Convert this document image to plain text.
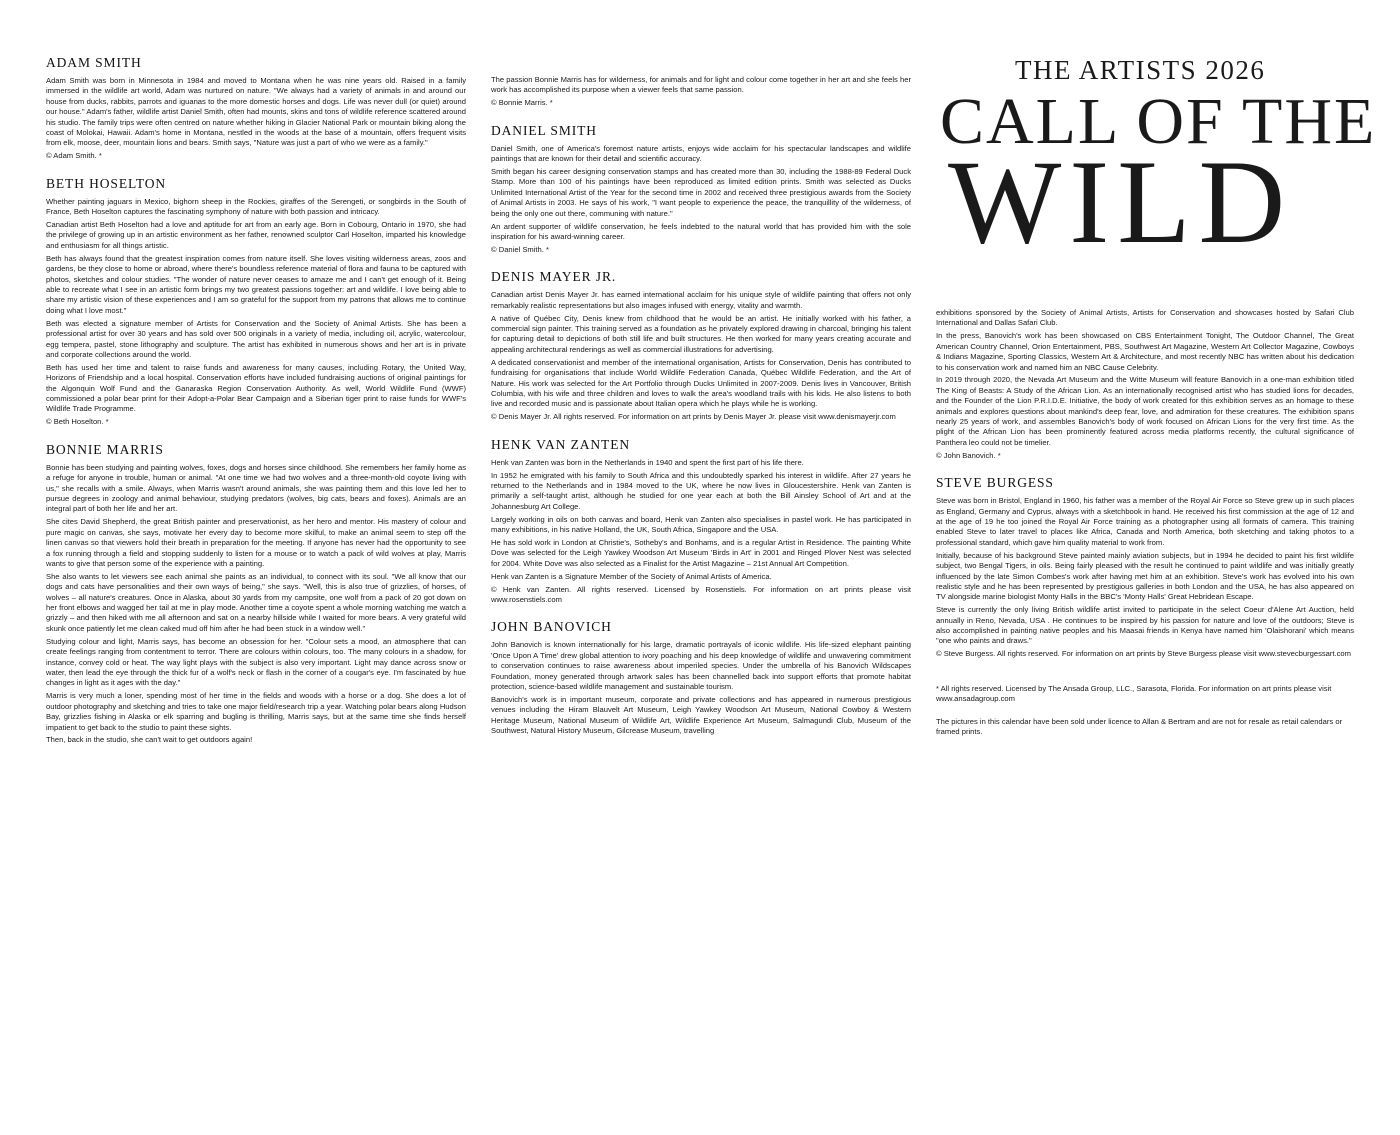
ADAM SMITH

Adam Smith was born in Minnesota in 1984 and moved to Montana when he was nine years old. Raised in a family immersed in the wildlife art world, Adam was nurtured on nature. "We always had a variety of animals in and around our house from ducks, rabbits, parrots and iguanas to the more domestic horses and dogs. Life was never dull (or quiet) around our house." Adam's father, wildlife artist Daniel Smith, often had mounts, skins and tons of wildlife reference scattered around his studio. The family trips were often centred on nature whether hiking in Glacier National Park or mountain biking along the coast of Molokai, Hawaii. Adam's home in Montana, nestled in the woods at the base of a mountain, offers frequent visits from elk, moose, deer, mountain lions and bears. Smith says, "Nature was just a part of who we were as a family."

© Adam Smith. *

BETH HOSELTON

Whether painting jaguars in Mexico, bighorn sheep in the Rockies, giraffes of the Serengeti, or songbirds in the South of France, Beth Hoselton captures the fascinating symphony of nature with both passion and intricacy.

Canadian artist Beth Hoselton had a love and aptitude for art from an early age. Born in Cobourg, Ontario in 1970, she had the privilege of growing up in an artistic environment as her father, renowned sculptor Carl Hoselton, imparted his knowledge and enthusiasm for all things artistic.

Beth has always found that the greatest inspiration comes from nature itself. She loves visiting wilderness areas, zoos and gardens, be they close to home or abroad, where there's boundless reference material of flora and fauna to be captured with photos, sketches and colour studies. "The wonder of nature never ceases to amaze me and I can't get enough of it. Being able to recreate what I see in an artistic form brings my two greatest passions together: art and wildlife. I love being able to share my artistic vision of these experiences and I am so grateful for the support from my patrons that allows me to continue doing what I love most."

Beth was elected a signature member of Artists for Conservation and the Society of Animal Artists. She has been a professional artist for over 30 years and has sold over 500 originals in a variety of media, including oil, acrylic, watercolour, egg tempera, pastel, stone lithography and sculpture. The artist has exhibited in numerous shows and her art is in private and corporate collections around the world.

Beth has used her time and talent to raise funds and awareness for many causes, including Rotary, the United Way, Horizons of Friendship and a local hospital. Conservation efforts have included fundraising auctions of original paintings for the Algonquin Wolf Fund and the Ganaraska Region Conservation Authority. As well, World Wildlife Fund (WWF) commissioned a polar bear print for their Adopt-a-Polar Bear Campaign and a Siberian tiger print to raise funds for WWF's Wildlife Trade Programme.

© Beth Hoselton. *

BONNIE MARRIS

Bonnie has been studying and painting wolves, foxes, dogs and horses since childhood. She remembers her family home as a refuge for anyone in trouble, human or animal. "At one time we had two wolves and a three-month-old coyote living with us," she recalls with a smile. Always, when Marris wasn't around animals, she was painting them and this love led her to pursue degrees in zoology and animal behaviour, studying predators (wolves, big cats, bears and foxes). Animals are an integral part of both her life and her art.

She cites David Shepherd, the great British painter and preservationist, as her hero and mentor. His mastery of colour and pure magic on canvas, she says, motivate her every day to become more skilful, to make an animal seem to step off the linen canvas so that viewers hold their breath in preparation for the meeting. If anyone has never had the opportunity to see a fox running through a field and stopping suddenly to listen for a mouse or to watch a pack of wild wolves at play, Marris wants to give that person some of the experience with a painting.

She also wants to let viewers see each animal she paints as an individual, to connect with its soul. "We all know that our dogs and cats have personalities and their own ways of being," she says. "Well, this is also true of grizzlies, of horses, of wolves – all nature's creatures. Once in Alaska, about 30 yards from my campsite, one wolf from a pack of 20 got down on her front elbows and wagged her tail at me in play mode. Another time a coyote spent a whole morning watching me watch a grizzly – and then hiked with me all afternoon and sat on a nearby hillside while I waited for more bears. A very grateful wild skunk once patiently let me clean caked mud off him after he had been stuck in a window well."

Studying colour and light, Marris says, has become an obsession for her. "Colour sets a mood, an atmosphere that can create feelings ranging from contentment to terror. There are colours within colours, too. The many colours in a shadow, for instance, convey cold or heat. The way light plays with the subject is also very important. Light may dance across snow or water, then lead the eye through the thick fur of a wolf's neck or flash in the corner of a cougar's eye. I'm fascinated by hue changes in light as it ages with the day."

Marris is very much a loner, spending most of her time in the fields and woods with a horse or a dog. She does a lot of outdoor photography and sketching and tries to take one major field/research trip a year. Watching polar bears along Hudson Bay, grizzlies fishing in Alaska or elk sparring and bugling is thrilling, Marris says, but at the same time she finds herself impatient to get back to the studio to paint these sights.

Then, back in the studio, she can't wait to get outdoors again!

The passion Bonnie Marris has for wilderness, for animals and for light and colour come together in her art and she feels her work has accomplished its purpose when a viewer feels that same passion.

© Bonnie Marris. *

DANIEL SMITH

Daniel Smith, one of America's foremost nature artists, enjoys wide acclaim for his spectacular landscapes and wildlife paintings that are known for their detail and scientific accuracy.

Smith began his career designing conservation stamps and has created more than 30, including the 1988-89 Federal Duck Stamp. More than 100 of his paintings have been reproduced as limited edition prints. Smith was selected as Ducks Unlimited International Artist of the Year for the second time in 2002 and received three prestigious awards from the Society of Animal Artists in 2003. He says of his work, "I want people to experience the peace, the tranquillity of the wilderness, of being the only one out there, communing with nature."

An ardent supporter of wildlife conservation, he feels indebted to the natural world that has provided him with the sole inspiration for his award-winning career.

© Daniel Smith. *

DENIS MAYER JR.

Canadian artist Denis Mayer Jr. has earned international acclaim for his unique style of wildlife painting that offers not only remarkably realistic representations but also images infused with energy, vitality and warmth.

A native of Québec City, Denis knew from childhood that he would be an artist. He initially worked with his father, a commercial sign painter. This training served as a foundation as he privately explored drawing in charcoal, bringing his talent for capturing detail to depictions of both still life and built structures. He then worked for many years creating accurate and appealing architectural renderings as well as commercial illustrations for advertising.

A dedicated conservationist and member of the international organisation, Artists for Conservation, Denis has contributed to fundraising for organisations that include World Wildlife Federation Canada, Québec Wildlife Federation, and the Art of Nature. His work was selected for the Art Portfolio through Ducks Unlimited in 2007-2009. Denis lives in Vancouver, British Columbia, with his wife and three children and loves to walk the area's woodland trails with his kids. He also listens to both live and recorded music and is passionate about Italian opera which he plays while he is working.

© Denis Mayer Jr. All rights reserved. For information on art prints by Denis Mayer Jr. please visit www.denismayerjr.com

HENK VAN ZANTEN

Henk van Zanten was born in the Netherlands in 1940 and spent the first part of his life there.

In 1952 he emigrated with his family to South Africa and this undoubtedly sparked his interest in wildlife. After 27 years he returned to the Netherlands and in 1984 moved to the UK, where he now lives in Gloucestershire. Henk van Zanten is primarily a self-taught artist, although he studied for one year each at both the Bill Ainsley School of Art and at the Johannesburg Art College.

Largely working in oils on both canvas and board, Henk van Zanten also specialises in pastel work. He has participated in many exhibitions, in his native Holland, the UK, South Africa, Singapore and the USA.

He has sold work in London at Christie's, Sotheby's and Bonhams, and is a regular Artist in Residence. The painting White Dove was selected for the Leigh Yawkey Woodson Art Museum 'Birds in Art' in 2001 and Ringed Plover Nest was selected for 2004. White Dove was also selected as a Finalist for the Artist Magazine – 21st Annual Art Competition.

Henk van Zanten is a Signature Member of the Society of Animal Artists of America.

© Henk van Zanten. All rights reserved. Licensed by Rosenstiels. For information on art prints please visit www.rosenstiels.com

JOHN BANOVICH

John Banovich is known internationally for his large, dramatic portrayals of iconic wildlife. His life-sized elephant painting 'Once Upon A Time' drew global attention to ivory poaching and his deep knowledge of wildlife and unwavering commitment to conservation continues to raise awareness about imperiled species. Under the umbrella of his Banovich Wildscapes Foundation, money generated through artwork sales has been channelled back into support efforts that promote habitat protection, science-based wildlife management and sustainable tourism.

Banovich's work is in important museum, corporate and private collections and has appeared in numerous prestigious venues including the Hiram Blauvelt Art Museum, Leigh Yawkey Woodson Art Museum, National Cowboy & Western Heritage Museum, National Museum of Wildlife Art, Wildlife Experience Art Museum, Salmagundi Club, Museum of the Southwest, Natural History Museum, Gilcrease Museum, travelling

THE ARTISTS 2026
CALL OF THE
WILD

exhibitions sponsored by the Society of Animal Artists, Artists for Conservation and showcases hosted by Safari Club International and Dallas Safari Club.

In the press, Banovich's work has been showcased on CBS Entertainment Tonight, The Outdoor Channel, The Great American Country Channel, Orion Entertainment, PBS, Southwest Art Magazine, Western Art Collector Magazine, Cowboys & Indians Magazine, Sporting Classics, Western Art & Architecture, and most recently NBC has written about his dedication to his conservation work and named him an NBC Cause Celebrity.

In 2019 through 2020, the Nevada Art Museum and the Witte Museum will feature Banovich in a one-man exhibition titled The King of Beasts: A Study of the African Lion. As an internationally recognised artist who has studied lions for decades, and the Founder of the Lion P.R.I.D.E. Initiative, the body of work created for this exhibition serves as an homage to these animals and explores questions about mankind's deep fear, love, and admiration for these creatures. The exhibition spans nearly 25 years of work, and assembles Banovich's body of work focused on African Lions for the very first time. As the plight of the African Lion has been prominently featured across media platforms recently, the cultural significance of Panthera leo could not be timelier.

© John Banovich. *

STEVE BURGESS

Steve was born in Bristol, England in 1960, his father was a member of the Royal Air Force so Steve grew up in such places as England, Germany and Cyprus, always with a sketchbook in hand. He received his first commission at the age of 12 and at the age of 19 he too joined the Royal Air Force training as a photographer using all formats of camera. This training enabled Steve to later travel to places like Africa, Canada and North America, both sketching and taking photos to a professional standard, which gave him quality material to work from.

Initially, because of his background Steve painted mainly aviation subjects, but in 1994 he decided to paint his first wildlife subject, two Bengal Tigers, in oils. Being fairly pleased with the result he continued to paint wildlife and was initially greatly influenced by the late Simon Combes's work after having met him at an exhibition. Steve's work has evolved into his own realistic style and he has been represented by prestigious galleries in both London and the USA, he has also appeared on TV alongside marine biologist Monty Halls in the BBC's 'Monty Halls' Great Hebridean Escape.

Steve is currently the only living British wildlife artist invited to participate in the select Coeur d'Alene Art Auction, held annually in Reno, Nevada, USA . He continues to be inspired by his passion for nature and love of the outdoors; Steve is also accomplished in painting native peoples and his Maasai friends in Kenya have named him 'Olaishorani' which means "one who paints and draws."

© Steve Burgess. All rights reserved. For information on art prints by Steve Burgess please visit www.stevecburgessart.com

* All rights reserved. Licensed by The Ansada Group, LLC., Sarasota, Florida. For information on art prints please visit www.ansadagroup.com

The pictures in this calendar have been sold under licence to Allan & Bertram and are not for resale as retail calendars or framed prints.
